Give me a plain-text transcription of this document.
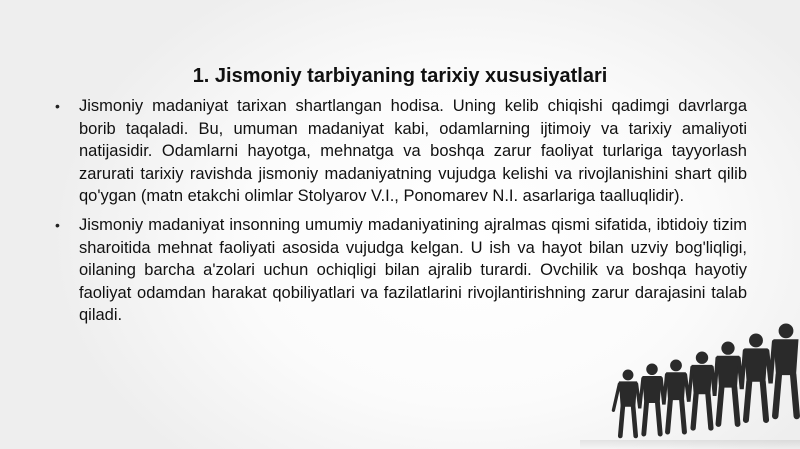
1. Jismoniy tarbiyaning tarixiy xususiyatlari
• Jismoniy madaniyat tarixan shartlangan hodisa. Uning kelib chiqishi qadimgi davrlarga borib taqaladi. Bu, umuman madaniyat kabi, odamlarning ijtimoiy va tarixiy amaliyoti natijasidir. Odamlarni hayotga, mehnatga va boshqa zarur faoliyat turlariga tayyorlash zarurati tarixiy ravishda jismoniy madaniyatning vujudga kelishi va rivojlanishini shart qilib qo'ygan (matn etakchi olimlar Stolyarov V.I., Ponomarev N.I. asarlariga taalluqlidir).
• Jismoniy madaniyat insonning umumiy madaniyatining ajralmas qismi sifatida, ibtidoiy tizim sharoitida mehnat faoliyati asosida vujudga kelgan. U ish va hayot bilan uzviy bog'liqligi, oilaning barcha a'zolari uchun ochiqligi bilan ajralib turardi. Ovchilik va boshqa hayotiy faoliyat odamdan harakat qobiliyatlari va fazilatlarini rivojlantirishning zarur darajasini talab qiladi.
